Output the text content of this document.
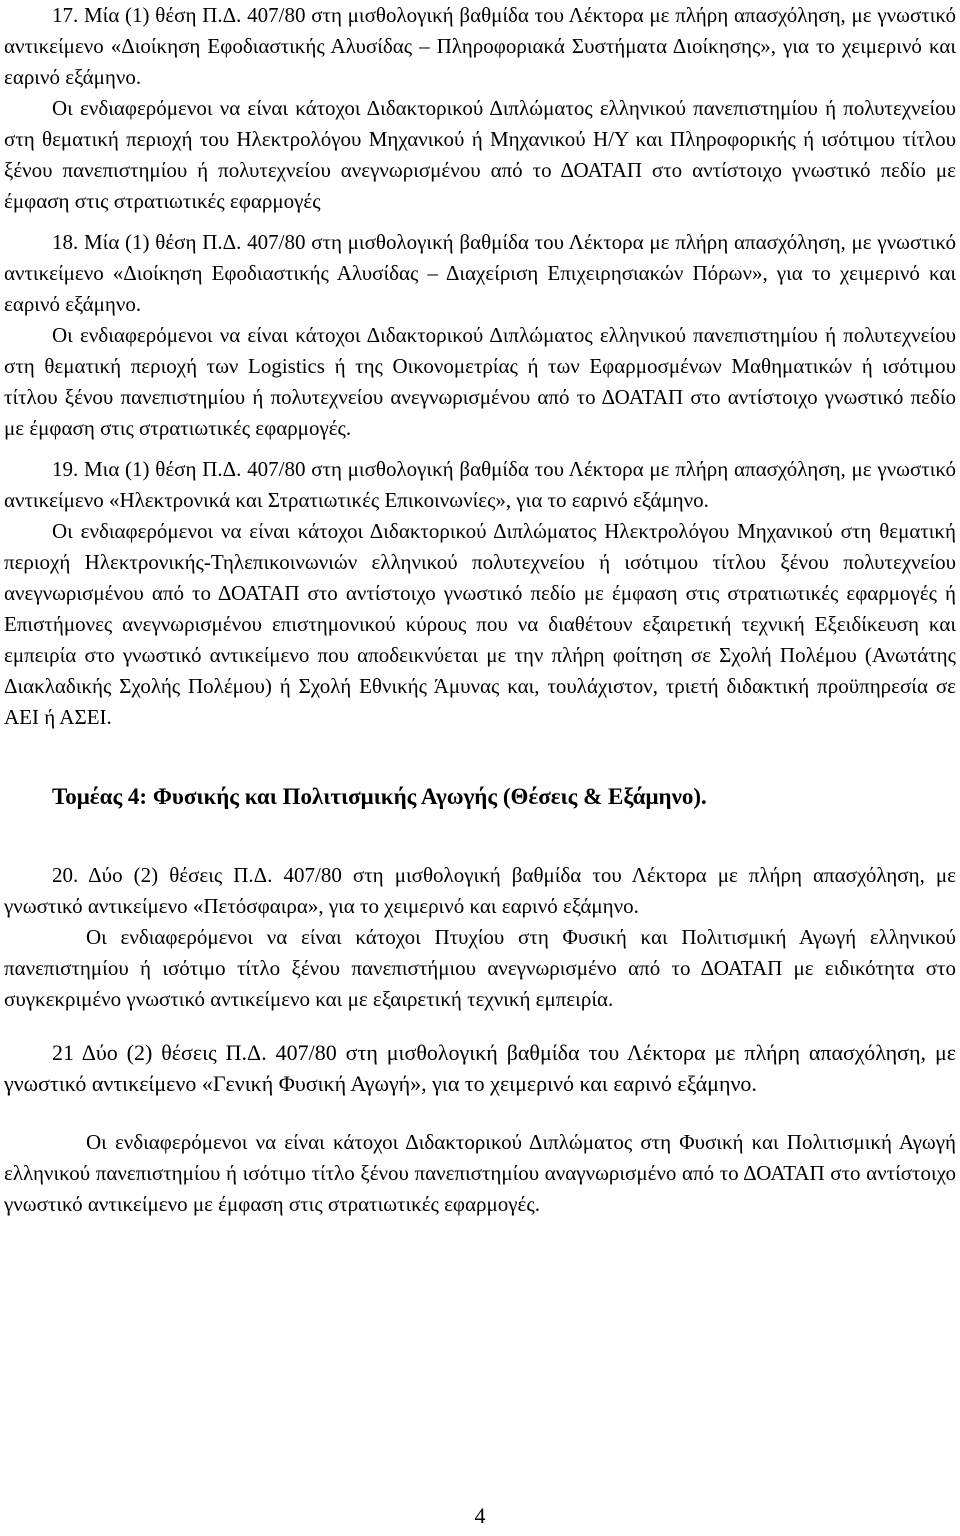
17. Μία (1) θέση Π.Δ. 407/80 στη μισθολογική βαθμίδα του Λέκτορα με πλήρη απασχόληση, με γνωστικό αντικείμενο «Διοίκηση Εφοδιαστικής Αλυσίδας – Πληροφοριακά Συστήματα Διοίκησης», για το χειμερινό και εαρινό εξάμηνο.

Οι ενδιαφερόμενοι να είναι κάτοχοι Διδακτορικού Διπλώματος ελληνικού πανεπιστημίου ή πολυτεχνείου στη θεματική περιοχή του Ηλεκτρολόγου Μηχανικού ή Μηχανικού Η/Υ και Πληροφορικής ή ισότιμου τίτλου ξένου πανεπιστημίου ή πολυτεχνείου ανεγνωρισμένου από το ΔΟΑΤΑΠ στο αντίστοιχο γνωστικό πεδίο με έμφαση στις στρατιωτικές εφαρμογές

18. Μία (1) θέση Π.Δ. 407/80 στη μισθολογική βαθμίδα του Λέκτορα με πλήρη απασχόληση, με γνωστικό αντικείμενο «Διοίκηση Εφοδιαστικής Αλυσίδας – Διαχείριση Επιχειρησιακών Πόρων», για το χειμερινό και εαρινό εξάμηνο.

Οι ενδιαφερόμενοι να είναι κάτοχοι Διδακτορικού Διπλώματος ελληνικού πανεπιστημίου ή πολυτεχνείου στη θεματική περιοχή των Logistics ή της Οικονομετρίας ή των Εφαρμοσμένων Μαθηματικών ή ισότιμου τίτλου ξένου πανεπιστημίου ή πολυτεχνείου ανεγνωρισμένου από το ΔΟΑΤΑΠ στο αντίστοιχο γνωστικό πεδίο με έμφαση στις στρατιωτικές εφαρμογές.

19. Μια (1) θέση Π.Δ. 407/80 στη μισθολογική βαθμίδα του Λέκτορα με πλήρη απασχόληση, με γνωστικό αντικείμενο «Ηλεκτρονικά και Στρατιωτικές Επικοινωνίες», για το εαρινό εξάμηνο.

Οι ενδιαφερόμενοι να είναι κάτοχοι Διδακτορικού Διπλώματος Ηλεκτρολόγου Μηχανικού στη θεματική περιοχή Ηλεκτρονικής-Τηλεπικοινωνιών ελληνικού πολυτεχνείου ή ισότιμου τίτλου ξένου πολυτεχνείου ανεγνωρισμένου από το ΔΟΑΤΑΠ στο αντίστοιχο γνωστικό πεδίο με έμφαση στις στρατιωτικές εφαρμογές ή Επιστήμονες ανεγνωρισμένου επιστημονικού κύρους που να διαθέτουν εξαιρετική τεχνική Εξειδίκευση και εμπειρία στο γνωστικό αντικείμενο που αποδεικνύεται με την πλήρη φοίτηση σε Σχολή Πολέμου (Ανωτάτης Διακλαδικής Σχολής Πολέμου) ή Σχολή Εθνικής Άμυνας και, τουλάχιστον, τριετή διδακτική προϋπηρεσία σε ΑΕΙ ή ΑΣΕΙ.

Τομέας 4: Φυσικής και Πολιτισμικής Αγωγής (Θέσεις & Εξάμηνο).

20. Δύο (2) θέσεις Π.Δ. 407/80 στη μισθολογική βαθμίδα του Λέκτορα με πλήρη απασχόληση, με γνωστικό αντικείμενο «Πετόσφαιρα», για το χειμερινό και εαρινό εξάμηνο.

Οι ενδιαφερόμενοι να είναι κάτοχοι Πτυχίου στη Φυσική και Πολιτισμική Αγωγή ελληνικού πανεπιστημίου ή ισότιμο τίτλο ξένου πανεπιστήμιου ανεγνωρισμένο από το ΔΟΑΤΑΠ με ειδικότητα στο συγκεκριμένο γνωστικό αντικείμενο και με εξαιρετική τεχνική εμπειρία.

21 Δύο (2) θέσεις Π.Δ. 407/80 στη μισθολογική βαθμίδα του Λέκτορα με πλήρη απασχόληση, με γνωστικό αντικείμενο «Γενική Φυσική Αγωγή», για το χειμερινό και εαρινό εξάμηνο.

Οι ενδιαφερόμενοι να είναι κάτοχοι Διδακτορικού Διπλώματος στη Φυσική και Πολιτισμική Αγωγή ελληνικού πανεπιστημίου ή ισότιμο τίτλο ξένου πανεπιστημίου αναγνωρισμένο από το ΔΟΑΤΑΠ στο αντίστοιχο γνωστικό αντικείμενο με έμφαση στις στρατιωτικές εφαρμογές.

4
